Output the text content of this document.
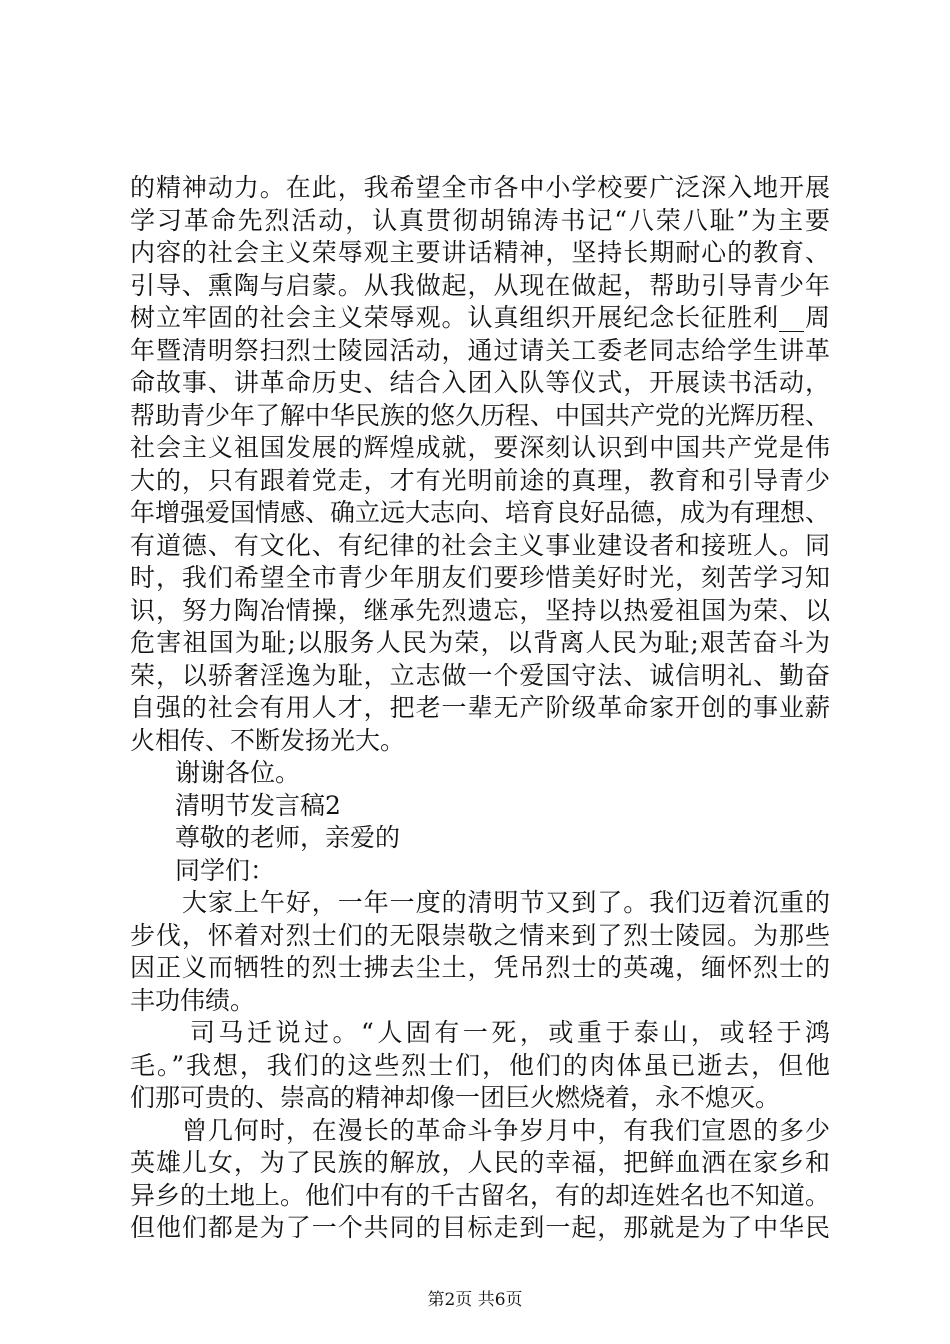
的精神动力。在此，我希望全市各中小学校要广泛深入地开展
学习革命先烈活动，认真贯彻胡锦涛书记“八荣八耻”为主要
内容的社会主义荣辱观主要讲话精神，坚持长期耐心的教育、
引导、熏陶与启蒙。从我做起，从现在做起，帮助引导青少年
树立牢固的社会主义荣辱观。认真组织开展纪念长征胜利__周
年暨清明祭扫烈士陵园活动，通过请关工委老同志给学生讲革
命故事、讲革命历史、结合入团入队等仪式，开展读书活动，
帮助青少年了解中华民族的悠久历程、中国共产党的光辉历程、
社会主义祖国发展的辉煌成就，要深刻认识到中国共产党是伟
大的，只有跟着党走，才有光明前途的真理，教育和引导青少
年增强爱国情感、确立远大志向、培育良好品德，成为有理想、
有道德、有文化、有纪律的社会主义事业建设者和接班人。同
时，我们希望全市青少年朋友们要珍惜美好时光，刻苦学习知
识，努力陶冶情操，继承先烈遗忘，坚持以热爱祖国为荣、以
危害祖国为耻;以服务人民为荣，以背离人民为耻;艰苦奋斗为
荣，以骄奢淫逸为耻，立志做一个爱国守法、诚信明礼、勤奋
自强的社会有用人才，把老一辈无产阶级革命家开创的事业薪
火相传、不断发扬光大。
谢谢各位。
清明节发言稿2
尊敬的老师，亲爱的
同学们：
大家上午好，一年一度的清明节又到了。我们迈着沉重的
步伐，怀着对烈士们的无限崇敬之情来到了烈士陵园。为那些
因正义而牺牲的烈士拂去尘土，凭吊烈士的英魂，缅怀烈士的
丰功伟绩。
司马迁说过。“人固有一死，或重于泰山，或轻于鸿
毛。”我想，我们的这些烈士们，他们的肉体虽已逝去，但他
们那可贵的、崇高的精神却像一团巨火燃烧着，永不熄灭。
曾几何时，在漫长的革命斗争岁月中，有我们宣恩的多少
英雄儿女，为了民族的解放，人民的幸福，把鲜血洒在家乡和
异乡的土地上。他们中有的千古留名，有的却连姓名也不知道。
但他们都是为了一个共同的目标走到一起，那就是为了中华民
第2页 共6页
